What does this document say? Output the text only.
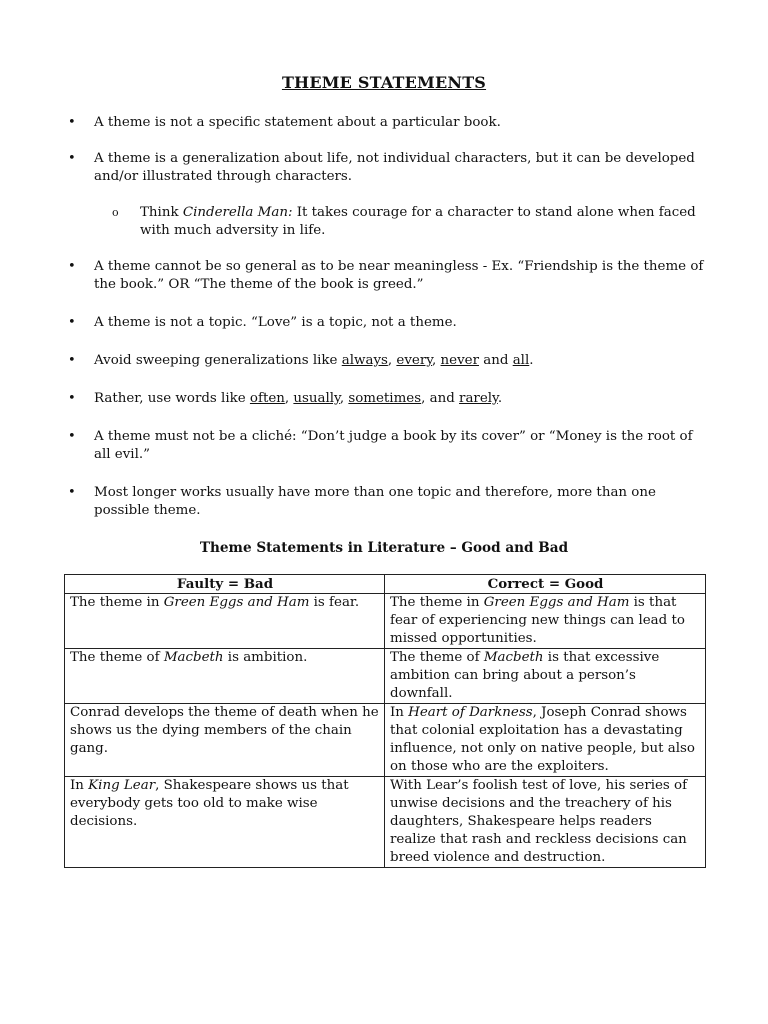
THEME STATEMENTS
• A theme is not a specific statement about a particular book.
• A theme is a generalization about life, not individual characters, but it can be developed and/or illustrated through characters.
o Think Cinderella Man: It takes courage for a character to stand alone when faced with much adversity in life.
• A theme cannot be so general as to be near meaningless - Ex. “Friendship is the theme of the book.” OR “The theme of the book is greed.”
• A theme is not a topic. “Love” is a topic, not a theme.
• Avoid sweeping generalizations like always, every, never and all.
• Rather, use words like often, usually, sometimes, and rarely.
• A theme must not be a cliché: “Don’t judge a book by its cover” or “Money is the root of all evil.”
• Most longer works usually have more than one topic and therefore, more than one possible theme.
Theme Statements in Literature – Good and Bad
Faulty = Bad	Correct = Good
The theme in Green Eggs and Ham is fear.	The theme in Green Eggs and Ham is that fear of experiencing new things can lead to missed opportunities.
The theme of Macbeth is ambition.	The theme of Macbeth is that excessive ambition can bring about a person’s downfall.
Conrad develops the theme of death when he shows us the dying members of the chain gang.	In Heart of Darkness, Joseph Conrad shows that colonial exploitation has a devastating influence, not only on native people, but also on those who are the exploiters.
In King Lear, Shakespeare shows us that everybody gets too old to make wise decisions.	With Lear’s foolish test of love, his series of unwise decisions and the treachery of his daughters, Shakespeare helps readers realize that rash and reckless decisions can breed violence and destruction.
